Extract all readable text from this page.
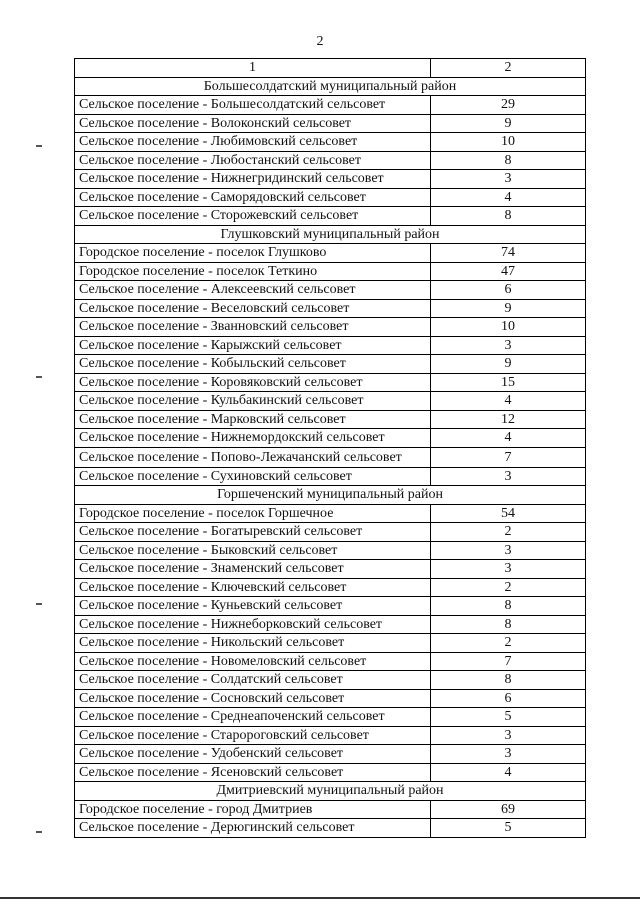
2
1	2
Большесолдатский муниципальный район	
Сельское поселение - Большесолдатский сельсовет	29
Сельское поселение - Волоконский сельсовет	9
Сельское поселение - Любимовский сельсовет	10
Сельское поселение - Любостанский сельсовет	8
Сельское поселение - Нижнегридинский сельсовет	3
Сельское поселение - Саморядовский сельсовет	4
Сельское поселение - Сторожевский сельсовет	8
Глушковский муниципальный район	
Городское поселение - поселок Глушково	74
Городское поселение - поселок Теткино	47
Сельское поселение - Алексеевский сельсовет	6
Сельское поселение - Веселовский сельсовет	9
Сельское поселение - Званновский сельсовет	10
Сельское поселение - Карыжский сельсовет	3
Сельское поселение - Кобыльский сельсовет	9
Сельское поселение - Коровяковский сельсовет	15
Сельское поселение - Кульбакинский сельсовет	4
Сельское поселение - Марковский сельсовет	12
Сельское поселение - Нижнемордокский сельсовет	4
Сельское поселение - Попово-Лежачанский сельсовет	7
Сельское поселение - Сухиновский сельсовет	3
Горшеченский муниципальный район	
Городское поселение - поселок Горшечное	54
Сельское поселение - Богатыревский сельсовет	2
Сельское поселение - Быковский сельсовет	3
Сельское поселение - Знаменский сельсовет	3
Сельское поселение - Ключевский сельсовет	2
Сельское поселение - Куньевский сельсовет	8
Сельское поселение - Нижнеборковский сельсовет	8
Сельское поселение - Никольский сельсовет	2
Сельское поселение - Новомеловский сельсовет	7
Сельское поселение - Солдатский сельсовет	8
Сельское поселение - Сосновский сельсовет	6
Сельское поселение - Среднеапоченский сельсовет	5
Сельское поселение - Старороговский сельсовет	3
Сельское поселение - Удобенский сельсовет	3
Сельское поселение - Ясеновский сельсовет	4
Дмитриевский муниципальный район	
Городское поселение - город Дмитриев	69
Сельское поселение - Дерюгинский сельсовет	5
